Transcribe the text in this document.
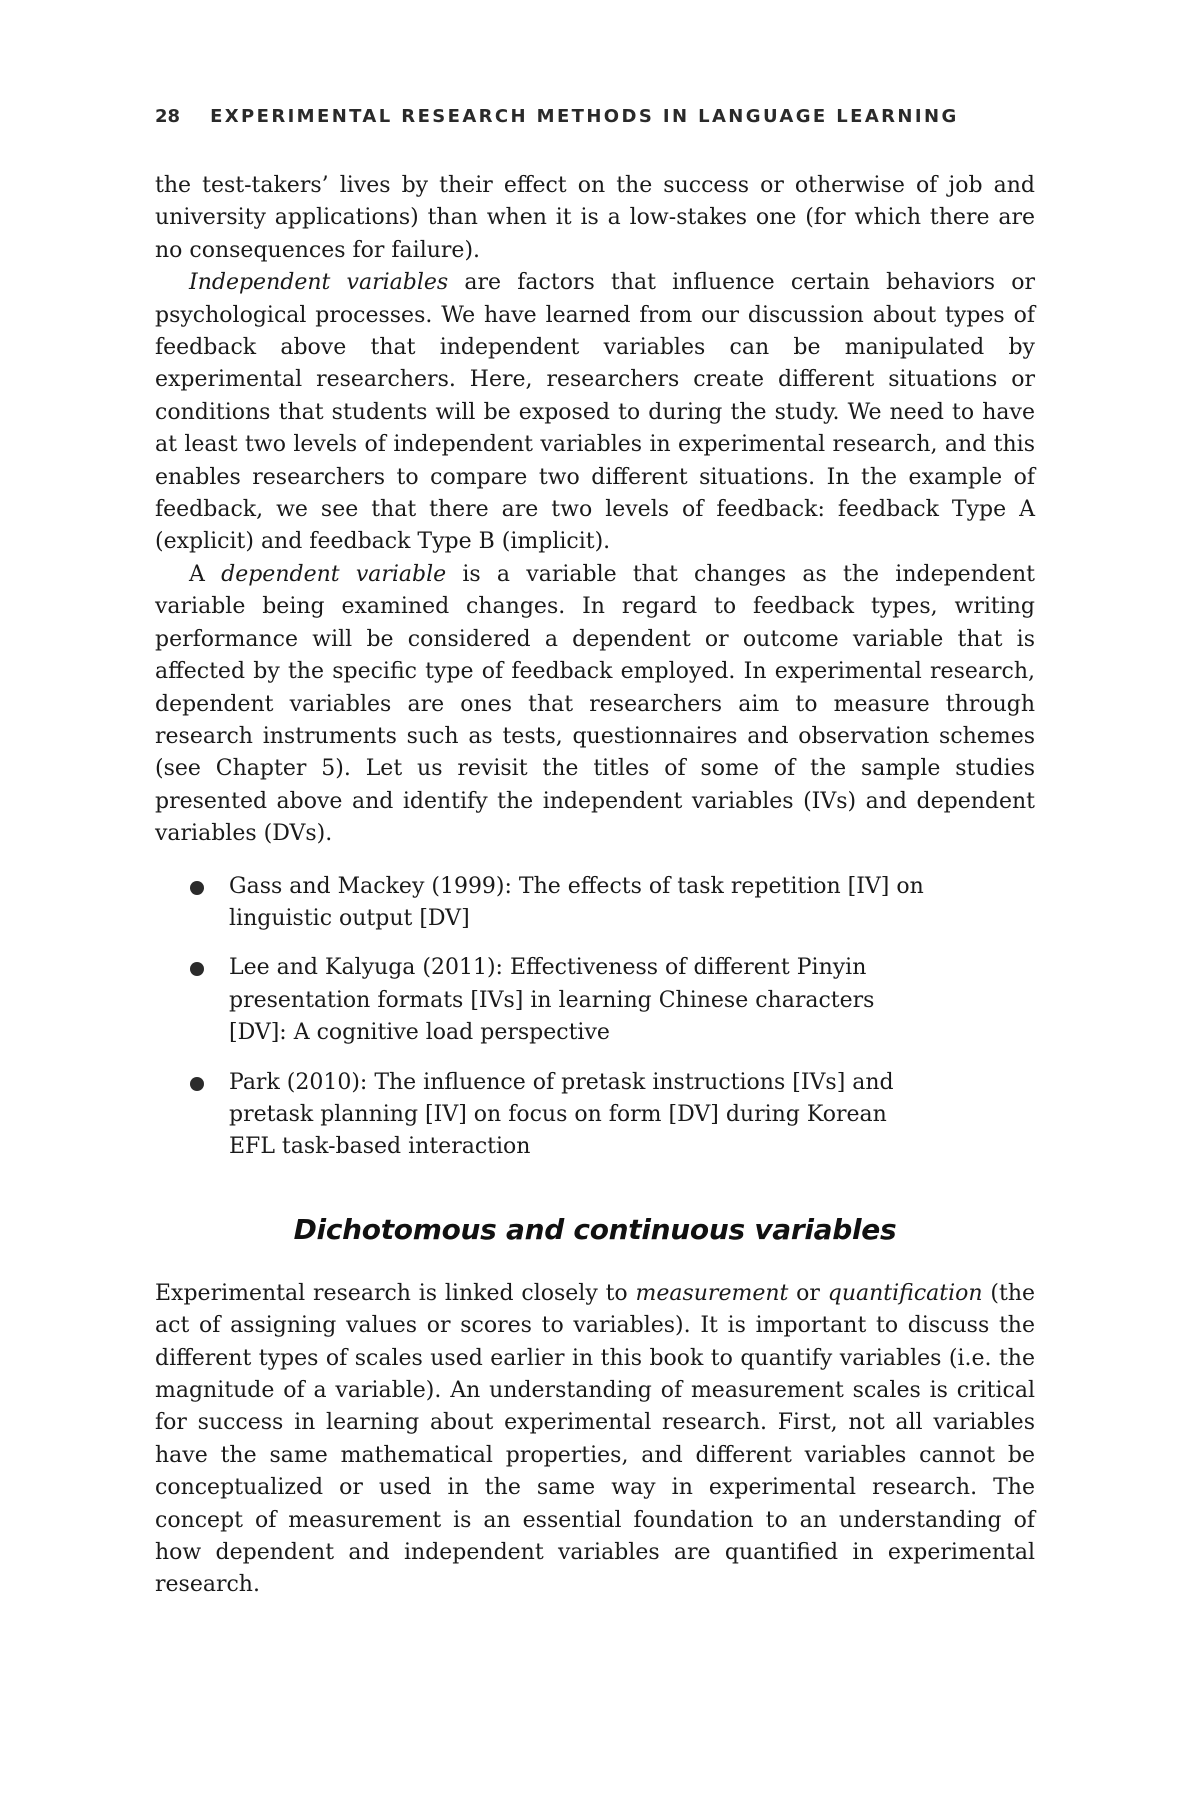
28 EXPERIMENTAL RESEARCH METHODS IN LANGUAGE LEARNING

the test-takers’ lives by their effect on the success or otherwise of job and university applications) than when it is a low-stakes one (for which there are no consequences for failure).

Independent variables are factors that influence certain behaviors or psychological processes. We have learned from our discussion about types of feedback above that independent variables can be manipulated by experimental researchers. Here, researchers create different situations or conditions that students will be exposed to during the study. We need to have at least two levels of independent variables in experimental research, and this enables researchers to compare two different situations. In the example of feedback, we see that there are two levels of feedback: feedback Type A (explicit) and feedback Type B (implicit).

A dependent variable is a variable that changes as the independent variable being examined changes. In regard to feedback types, writing performance will be considered a dependent or outcome variable that is affected by the specific type of feedback employed. In experimental research, dependent variables are ones that researchers aim to measure through research instruments such as tests, questionnaires and observation schemes (see Chapter 5). Let us revisit the titles of some of the sample studies presented above and identify the independent variables (IVs) and dependent variables (DVs).

Gass and Mackey (1999): The effects of task repetition [IV] on linguistic output [DV]
Lee and Kalyuga (2011): Effectiveness of different Pinyin presentation formats [IVs] in learning Chinese characters [DV]: A cognitive load perspective
Park (2010): The influence of pretask instructions [IVs] and pretask planning [IV] on focus on form [DV] during Korean EFL task-based interaction
Dichotomous and continuous variables

Experimental research is linked closely to measurement or quantification (the act of assigning values or scores to variables). It is important to discuss the different types of scales used earlier in this book to quantify variables (i.e. the magnitude of a variable). An understanding of measurement scales is critical for success in learning about experimental research. First, not all variables have the same mathematical properties, and different variables cannot be conceptualized or used in the same way in experimental research. The concept of measurement is an essential foundation to an understanding of how dependent and independent variables are quantified in experimental research.
